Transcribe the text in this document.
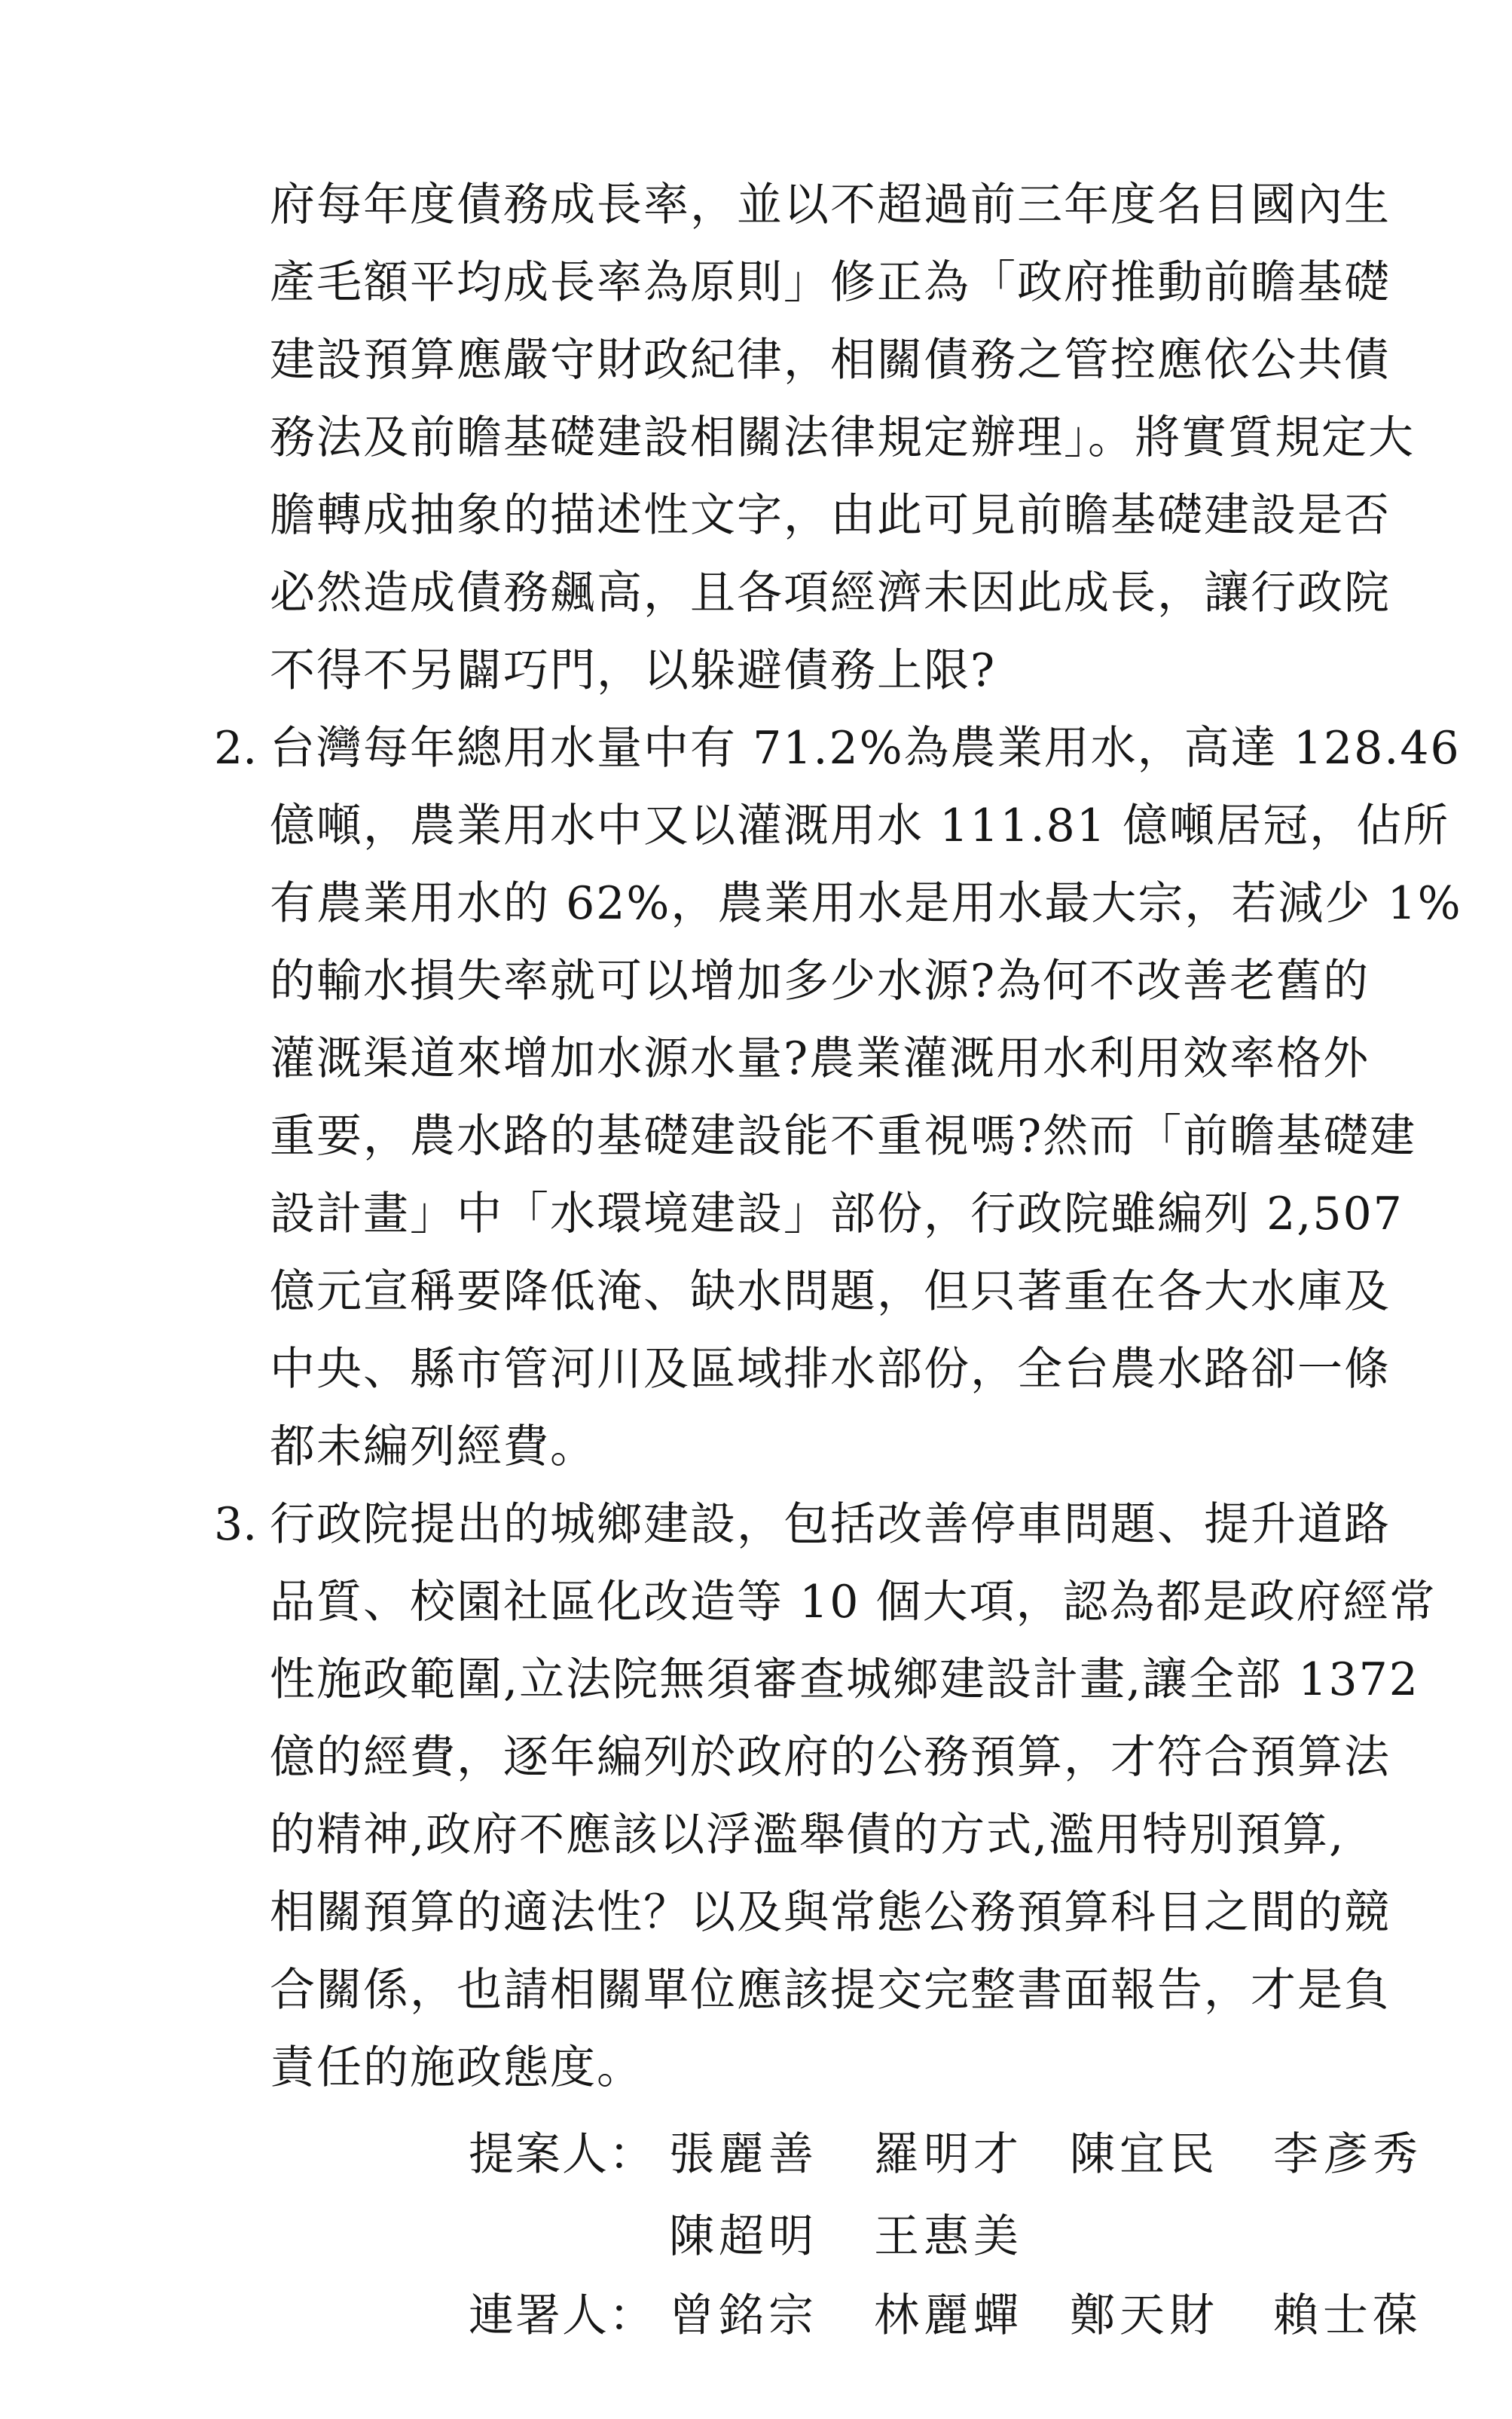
府每年度債務成長率，並以不超過前三年度名目國內生
產毛額平均成長率為原則」修正為「政府推動前瞻基礎
建設預算應嚴守財政紀律，相關債務之管控應依公共債
務法及前瞻基礎建設相關法律規定辦理」。將實質規定大
膽轉成抽象的描述性文字，由此可見前瞻基礎建設是否
必然造成債務飆高，且各項經濟未因此成長，讓行政院
不得不另闢巧門，以躲避債務上限?
2. 台灣每年總用水量中有 71.2%為農業用水，高達 128.46
億噸，農業用水中又以灌溉用水 111.81 億噸居冠，佔所
有農業用水的 62%，農業用水是用水最大宗，若減少 1%
的輸水損失率就可以增加多少水源?為何不改善老舊的
灌溉渠道來增加水源水量?農業灌溉用水利用效率格外
重要，農水路的基礎建設能不重視嗎?然而「前瞻基礎建
設計畫」中「水環境建設」部份，行政院雖編列 2,507
億元宣稱要降低淹、缺水問題，但只著重在各大水庫及
中央、縣市管河川及區域排水部份，全台農水路卻一條
都未編列經費。
3. 行政院提出的城鄉建設，包括改善停車問題、提升道路
品質、校園社區化改造等 10 個大項，認為都是政府經常
性施政範圍,立法院無須審查城鄉建設計畫,讓全部 1372
億的經費，逐年編列於政府的公務預算，才符合預算法
的精神,政府不應該以浮濫舉債的方式,濫用特別預算,
相關預算的適法性？以及與常態公務預算科目之間的競
合關係，也請相關單位應該提交完整書面報告，才是負
責任的施政態度。
提案人： 張麗善 羅明才 陳宜民 李彥秀
陳超明 王惠美
連署人： 曾銘宗 林麗蟬 鄭天財 賴士葆
